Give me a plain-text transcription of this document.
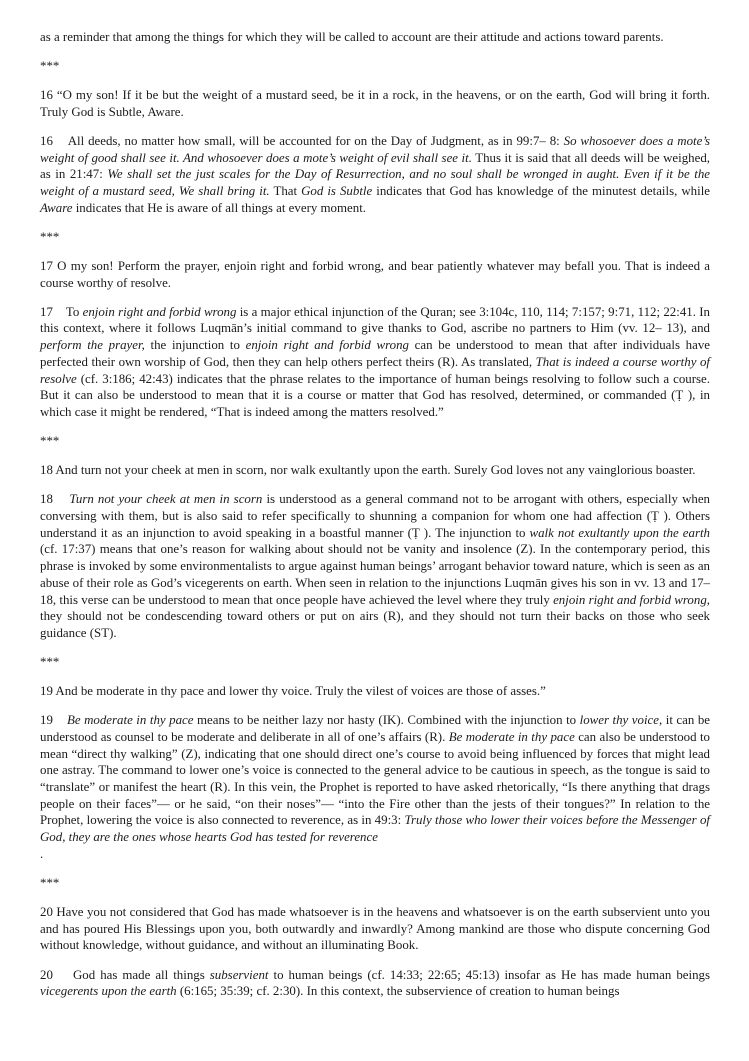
as a reminder that among the things for which they will be called to account are their attitude and actions toward parents.

***

16 “O my son! If it be but the weight of a mustard seed, be it in a rock, in the heavens, or on the earth, God will bring it forth. Truly God is Subtle, Aware.

16    All deeds, no matter how small, will be accounted for on the Day of Judgment, as in 99:7– 8: So whosoever does a mote’s weight of good shall see it. And whosoever does a mote’s weight of evil shall see it. Thus it is said that all deeds will be weighed, as in 21:47: We shall set the just scales for the Day of Resurrection, and no soul shall be wronged in aught. Even if it be the weight of a mustard seed, We shall bring it. That God is Subtle indicates that God has knowledge of the minutest details, while Aware indicates that He is aware of all things at every moment.

***

17 O my son! Perform the prayer, enjoin right and forbid wrong, and bear patiently whatever may befall you. That is indeed a course worthy of resolve.

17    To enjoin right and forbid wrong is a major ethical injunction of the Quran; see 3:104c, 110, 114; 7:157; 9:71, 112; 22:41. In this context, where it follows Luqmān’s initial command to give thanks to God, ascribe no partners to Him (vv. 12– 13), and perform the prayer, the injunction to enjoin right and forbid wrong can be understood to mean that after individuals have perfected their own worship of God, then they can help others perfect theirs (R). As translated, That is indeed a course worthy of resolve (cf. 3:186; 42:43) indicates that the phrase relates to the importance of human beings resolving to follow such a course. But it can also be understood to mean that it is a course or matter that God has resolved, determined, or commanded (Ṭ ), in which case it might be rendered, “That is indeed among the matters resolved.”

***

18 And turn not your cheek at men in scorn, nor walk exultantly upon the earth. Surely God loves not any vainglorious boaster.

18    Turn not your cheek at men in scorn is understood as a general command not to be arrogant with others, especially when conversing with them, but is also said to refer specifically to shunning a companion for whom one had affection (Ṭ ). Others understand it as an injunction to avoid speaking in a boastful manner (Ṭ ). The injunction to walk not exultantly upon the earth (cf. 17:37) means that one’s reason for walking about should not be vanity and insolence (Z). In the contemporary period, this phrase is invoked by some environmentalists to argue against human beings’ arrogant behavior toward nature, which is seen as an abuse of their role as God’s vicegerents on earth. When seen in relation to the injunctions Luqmān gives his son in vv. 13 and 17– 18, this verse can be understood to mean that once people have achieved the level where they truly enjoin right and forbid wrong, they should not be condescending toward others or put on airs (R), and they should not turn their backs on those who seek guidance (ST).

***

19 And be moderate in thy pace and lower thy voice. Truly the vilest of voices are those of asses.”

19    Be moderate in thy pace means to be neither lazy nor hasty (IK). Combined with the injunction to lower thy voice, it can be understood as counsel to be moderate and deliberate in all of one’s affairs (R). Be moderate in thy pace can also be understood to mean “direct thy walking” (Z), indicating that one should direct one’s course to avoid being influenced by forces that might lead one astray. The command to lower one’s voice is connected to the general advice to be cautious in speech, as the tongue is said to “translate” or manifest the heart (R). In this vein, the Prophet is reported to have asked rhetorically, “Is there anything that drags people on their faces”— or he said, “on their noses”— “into the Fire other than the jests of their tongues?” In relation to the Prophet, lowering the voice is also connected to reverence, as in 49:3: Truly those who lower their voices before the Messenger of God, they are the ones whose hearts God has tested for reverence
.

***

20 Have you not considered that God has made whatsoever is in the heavens and whatsoever is on the earth subservient unto you and has poured His Blessings upon you, both outwardly and inwardly? Among mankind are those who dispute concerning God without knowledge, without guidance, and without an illuminating Book.

20    God has made all things subservient to human beings (cf. 14:33; 22:65; 45:13) insofar as He has made human beings vicegerents upon the earth (6:165; 35:39; cf. 2:30). In this context, the subservience of creation to human beings
